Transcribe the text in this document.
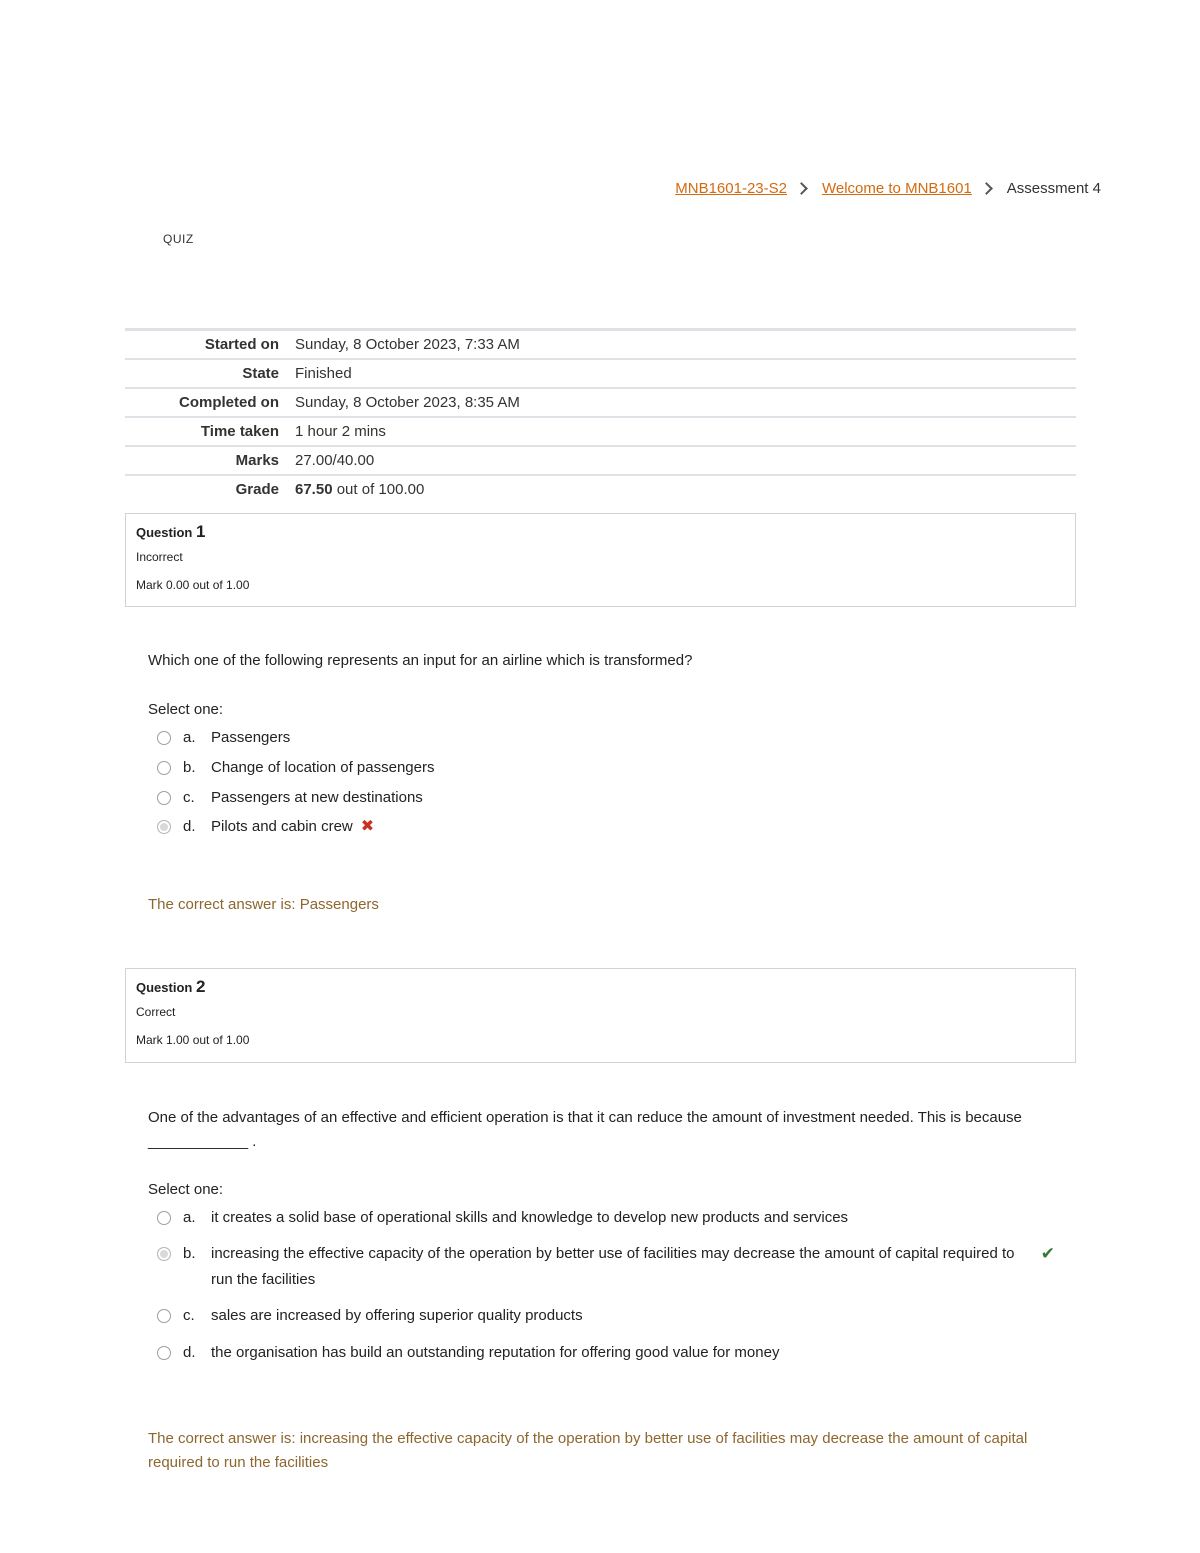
MNB1601-23-S2 Welcome to MNB1601 Assessment 4
QUIZ
Started on	Sunday, 8 October 2023, 7:33 AM
State	Finished
Completed on	Sunday, 8 October 2023, 8:35 AM
Time taken	1 hour 2 mins
Marks	27.00/40.00
Grade	67.50 out of 100.00
Question 1
Incorrect
Mark 0.00 out of 1.00
Which one of the following represents an input for an airline which is transformed?
Select one:
a.	Passengers
b.	Change of location of passengers
c.	Passengers at new destinations
d.	Pilots and cabin crew ✖
The correct answer is: Passengers
Question 2
Correct
Mark 1.00 out of 1.00
One of the advantages of an effective and efficient operation is that it can reduce the amount of investment needed. This is because ____________ .
Select one:
a.	it creates a solid base of operational skills and knowledge to develop new products and services
b.	increasing the effective capacity of the operation by better use of facilities may decrease the amount of capital required to run the facilities
✔
c.	sales are increased by offering superior quality products
d.	the organisation has build an outstanding reputation for offering good value for money
The correct answer is: increasing the effective capacity of the operation by better use of facilities may decrease the amount of capital required to run the facilities
